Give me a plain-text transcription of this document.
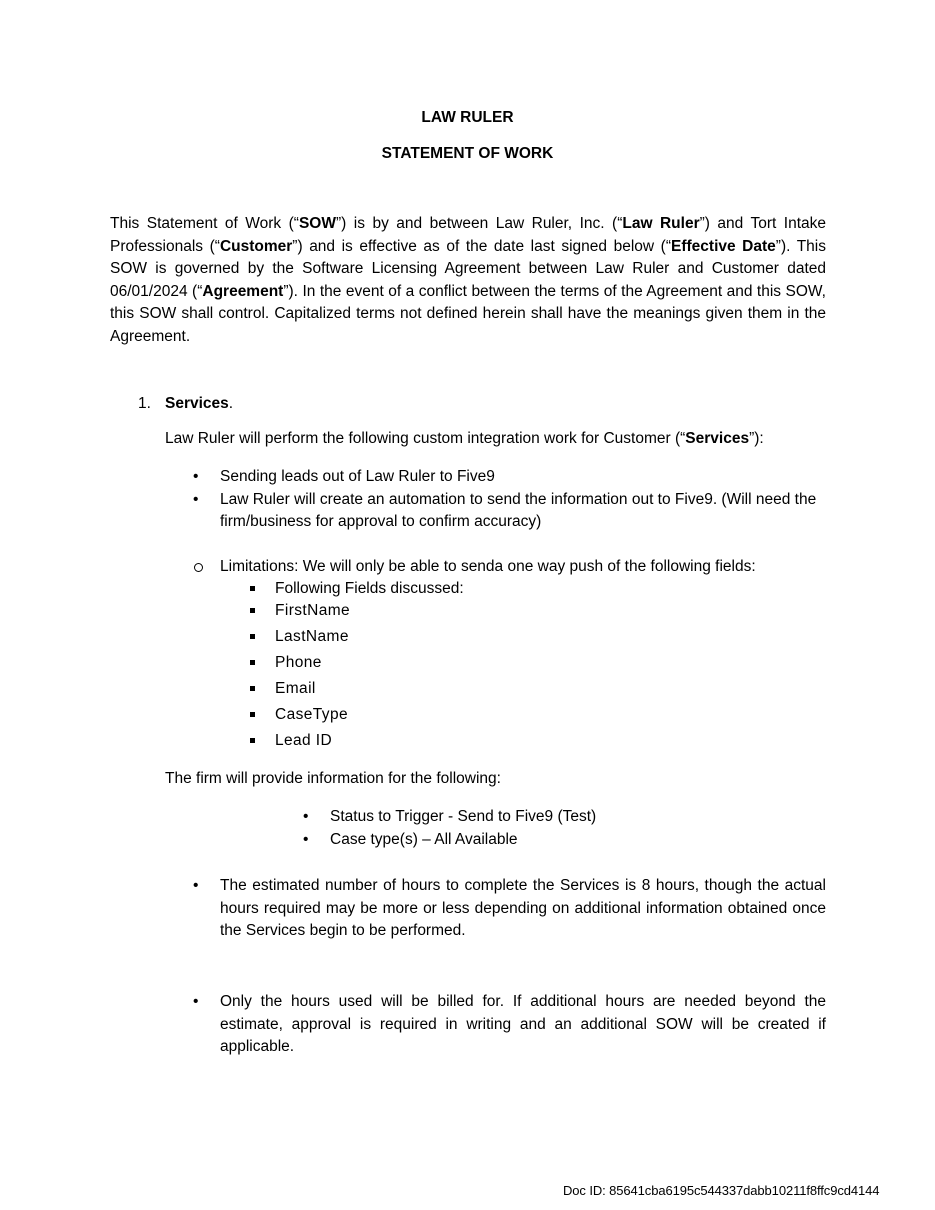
LAW RULER
STATEMENT OF WORK

This Statement of Work (“SOW”) is by and between Law Ruler, Inc. (“Law Ruler”) and Tort Intake Professionals (“Customer”) and is effective as of the date last signed below (“Effective Date”). This SOW is governed by the Software Licensing Agreement between Law Ruler and Customer dated 06/01/2024 (“Agreement”). In the event of a conflict between the terms of the Agreement and this SOW, this SOW shall control. Capitalized terms not defined herein shall have the meanings given them in the Agreement.

1. Services.
Law Ruler will perform the following custom integration work for Customer (“Services”):
•	Sending leads out of Law Ruler to Five9
•	Law Ruler will create an automation to send the information out to Five9. (Will need the firm/business for approval to confirm accuracy)
Limitations: We will only be able to senda one way push of the following fields:
Following Fields discussed:
FirstName
LastName
Phone
Email
CaseType
Lead ID
The firm will provide information for the following:
•	Status to Trigger - Send to Five9 (Test)
•	Case type(s) – All Available
•	The estimated number of hours to complete the Services is 8 hours, though the actual hours required may be more or less depending on additional information obtained once the Services begin to be performed.
•	Only the hours used will be billed for. If additional hours are needed beyond the estimate, approval is required in writing and an additional SOW will be created if applicable.
Doc ID: 85641cba6195c544337dabb10211f8ffc9cd4144
